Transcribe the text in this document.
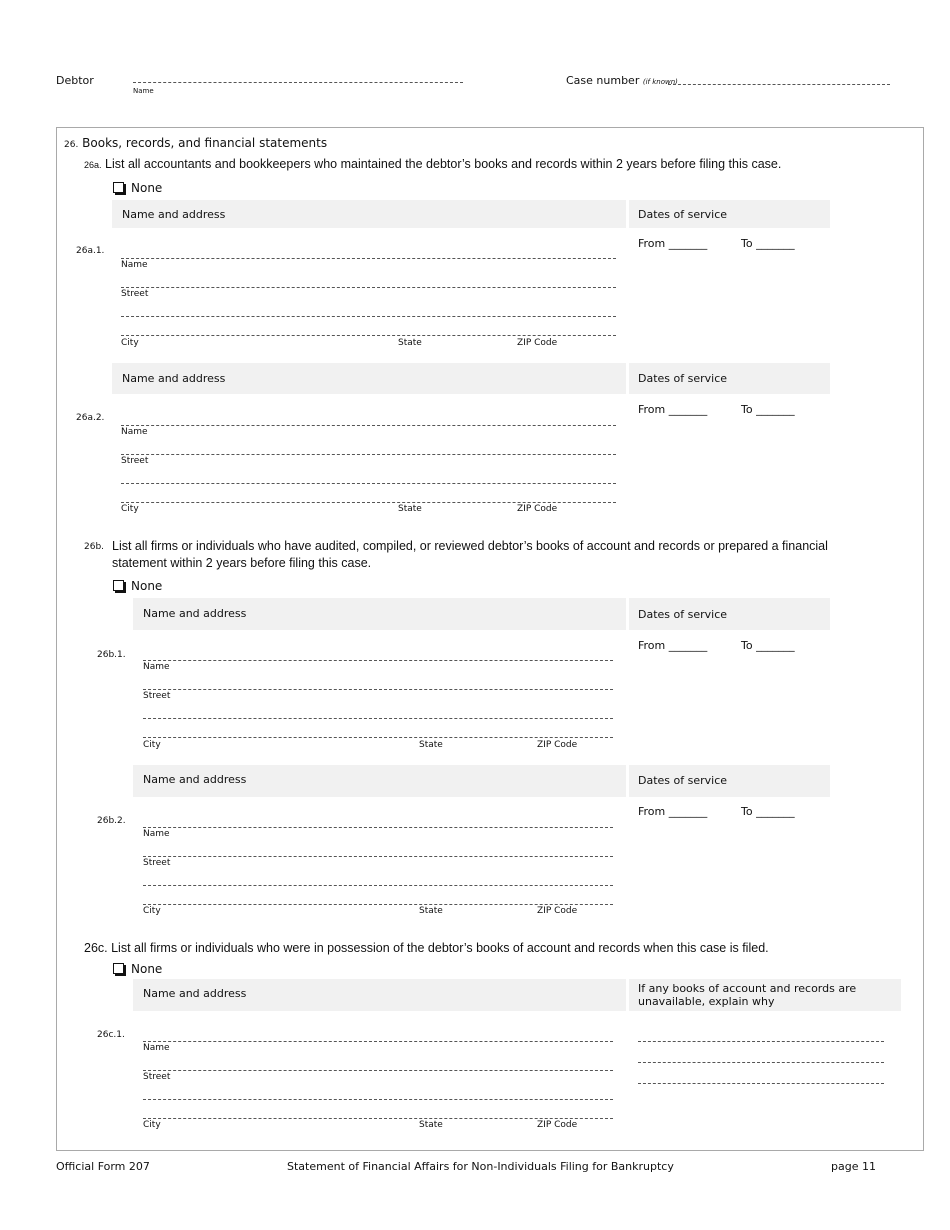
Debtor
Name
Case number (if known)
26. Books, records, and financial statements
26a. List all accountants and bookkeepers who maintained the debtor’s books and records within 2 years before filing this case.
None
Name and address	Dates of service
From _______	To _______
26a.1.
Name
Street
City	State	ZIP Code
Name and address	Dates of service
From _______	To _______
26a.2.
Name
Street
City	State	ZIP Code
26b. List all firms or individuals who have audited, compiled, or reviewed debtor’s books of account and records or prepared a financial
statement within 2 years before filing this case.
None
Name and address	Dates of service
From _______	To _______
26b.1.
Name
Street
City	State	ZIP Code
Name and address	Dates of service
From _______	To _______
26b.2.
Name
Street
City	State	ZIP Code
26c. List all firms or individuals who were in possession of the debtor’s books of account and records when this case is filed.
None
Name and address	If any books of account and records are
unavailable, explain why
26c.1.
Name
Street
City	State	ZIP Code
Official Form 207	Statement of Financial Affairs for Non-Individuals Filing for Bankruptcy	page 11
